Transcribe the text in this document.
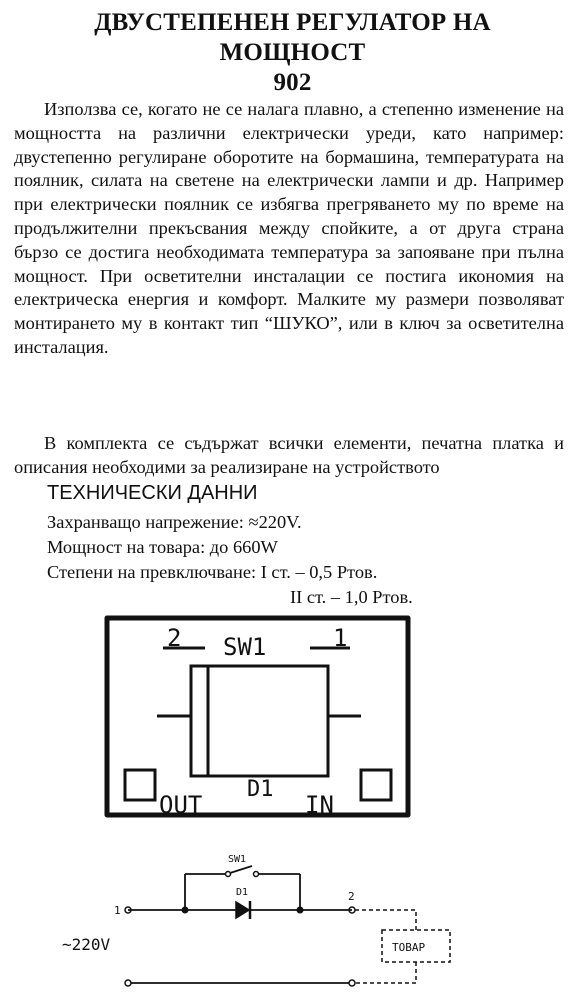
ДВУСТЕПЕНЕН РЕГУЛАТОР НА
МОЩНОСТ
902
Използва се, когато не се налага плавно, а степенно изменение на мощността на различни електрически уреди, като например: двустепенно регулиране оборотите на бормашина, температурата на поялник, силата на светене на електрически лампи и др. Например при електрически поялник се избягва прегряването му по време на продължителни прекъсвания между спойките, а от друга страна бързо се достига необходимата температура за запояване при пълна мощност. При осветителни инсталации се постига икономия на електрическа енергия и комфорт. Малките му размери позволяват монтирането му в контакт тип “ШУКО”, или в ключ за осветителна инсталация.
В комплекта се съдържат всички елементи, печатна платка и описания необходими за реализиране на устройството
ТЕХНИЧЕСКИ ДАННИ
Захранващо напрежение: ≈220V.
Мощност на товара: до 660W
Степени на превключване: I ст. – 0,5 Ртов.
II ст. – 1,0 Ртов.
2 SW1	1
D1
OUT	IN
SW1
D1
1
2
~220V	ТОВАР
